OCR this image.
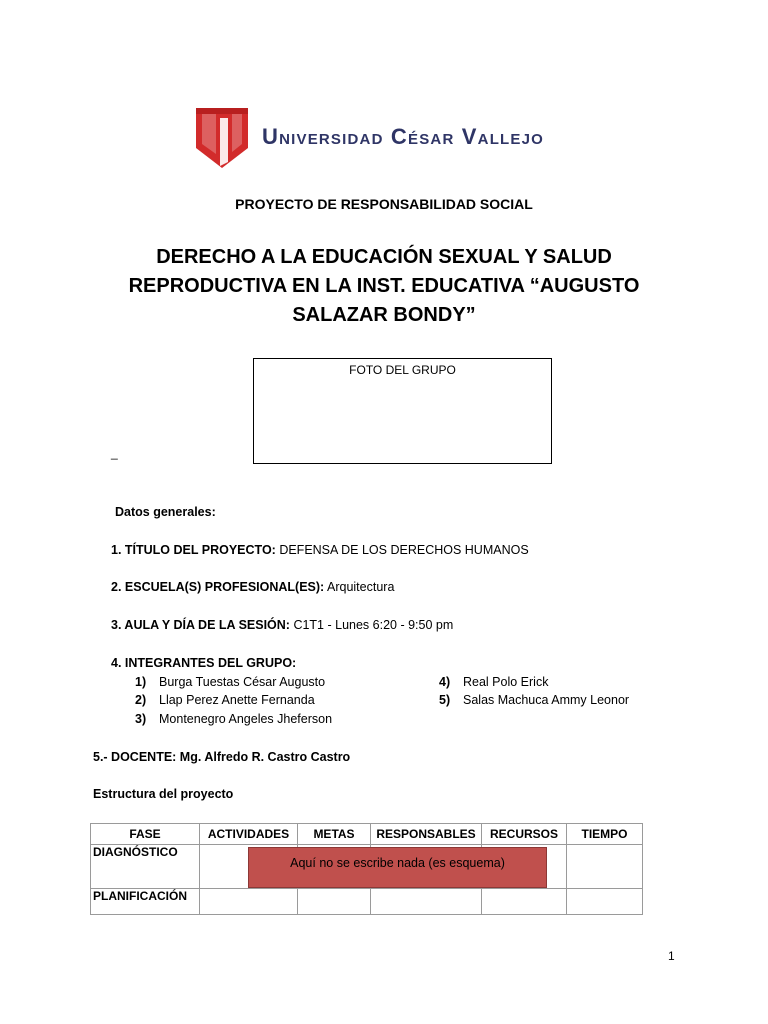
Universidad César Vallejo
PROYECTO DE RESPONSABILIDAD SOCIAL
DERECHO A LA EDUCACIÓN SEXUAL Y SALUD
REPRODUCTIVA EN LA INST. EDUCATIVA “AUGUSTO
SALAZAR BONDY”
FOTO DEL GRUPO
_
Datos generales:
1. TÍTULO DEL PROYECTO: DEFENSA DE LOS DERECHOS HUMANOS
2. ESCUELA(S) PROFESIONAL(ES): Arquitectura
3. AULA Y DÍA DE LA SESIÓN: C1T1 - Lunes 6:20 - 9:50 pm
4. INTEGRANTES DEL GRUPO:
1) Burga Tuestas César Augusto
2) Llap Perez Anette Fernanda
3) Montenegro Angeles Jheferson
4) Real Polo Erick
5) Salas Machuca Ammy Leonor
5.- DOCENTE: Mg. Alfredo R. Castro Castro
Estructura del proyecto
FASE	ACTIVIDADES	METAS	RESPONSABLES	RECURSOS	TIEMPO
DIAGNÓSTICO					
PLANIFICACIÓN					
Aquí no se escribe nada (es esquema)
1
